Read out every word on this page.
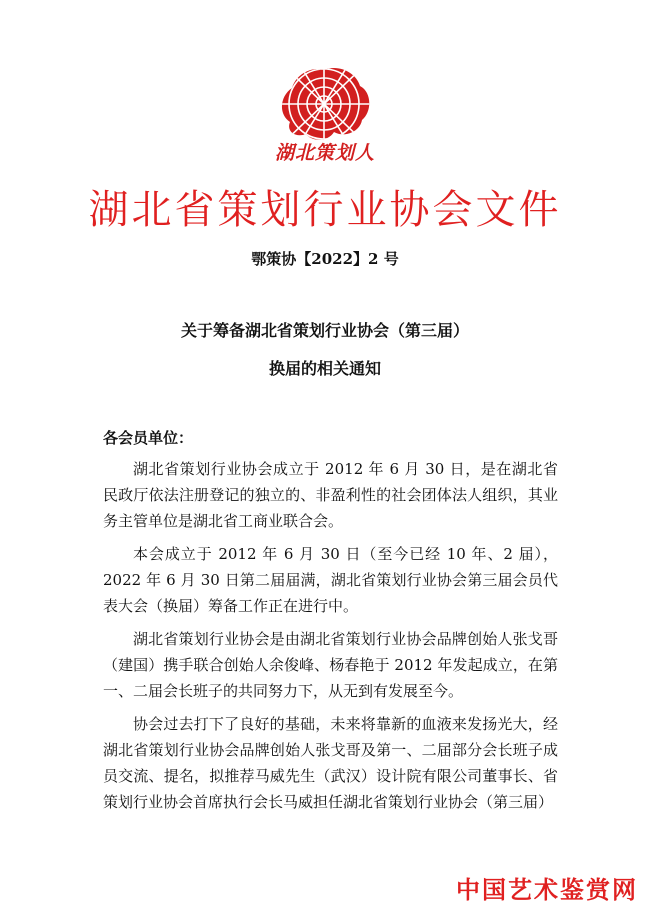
湖北策划人
湖北省策划行业协会文件
鄂策协【2022】2 号
关于筹备湖北省策划行业协会（第三届）
换届的相关通知
各会员单位：

湖北省策划行业协会成立于 2012 年 6 月 30 日，是在湖北省民政厅依法注册登记的独立的、非盈利性的社会团体法人组织，其业务主管单位是湖北省工商业联合会。

本会成立于 2012 年 6 月 30 日（至今已经 10 年、2 届），2022 年 6 月 30 日第二届届满，湖北省策划行业协会第三届会员代表大会（换届）筹备工作正在进行中。

湖北省策划行业协会是由湖北省策划行业协会品牌创始人张戈哥（建国）携手联合创始人余俊峰、杨春艳于 2012 年发起成立，在第一、二届会长班子的共同努力下，从无到有发展至今。

协会过去打下了良好的基础，未来将靠新的血液来发扬光大，经湖北省策划行业协会品牌创始人张戈哥及第一、二届部分会长班子成员交流、提名，拟推荐马威先生（武汉）设计院有限公司董事长、省策划行业协会首席执行会长马威担任湖北省策划行业协会（第三届）

中国艺术鉴赏网
